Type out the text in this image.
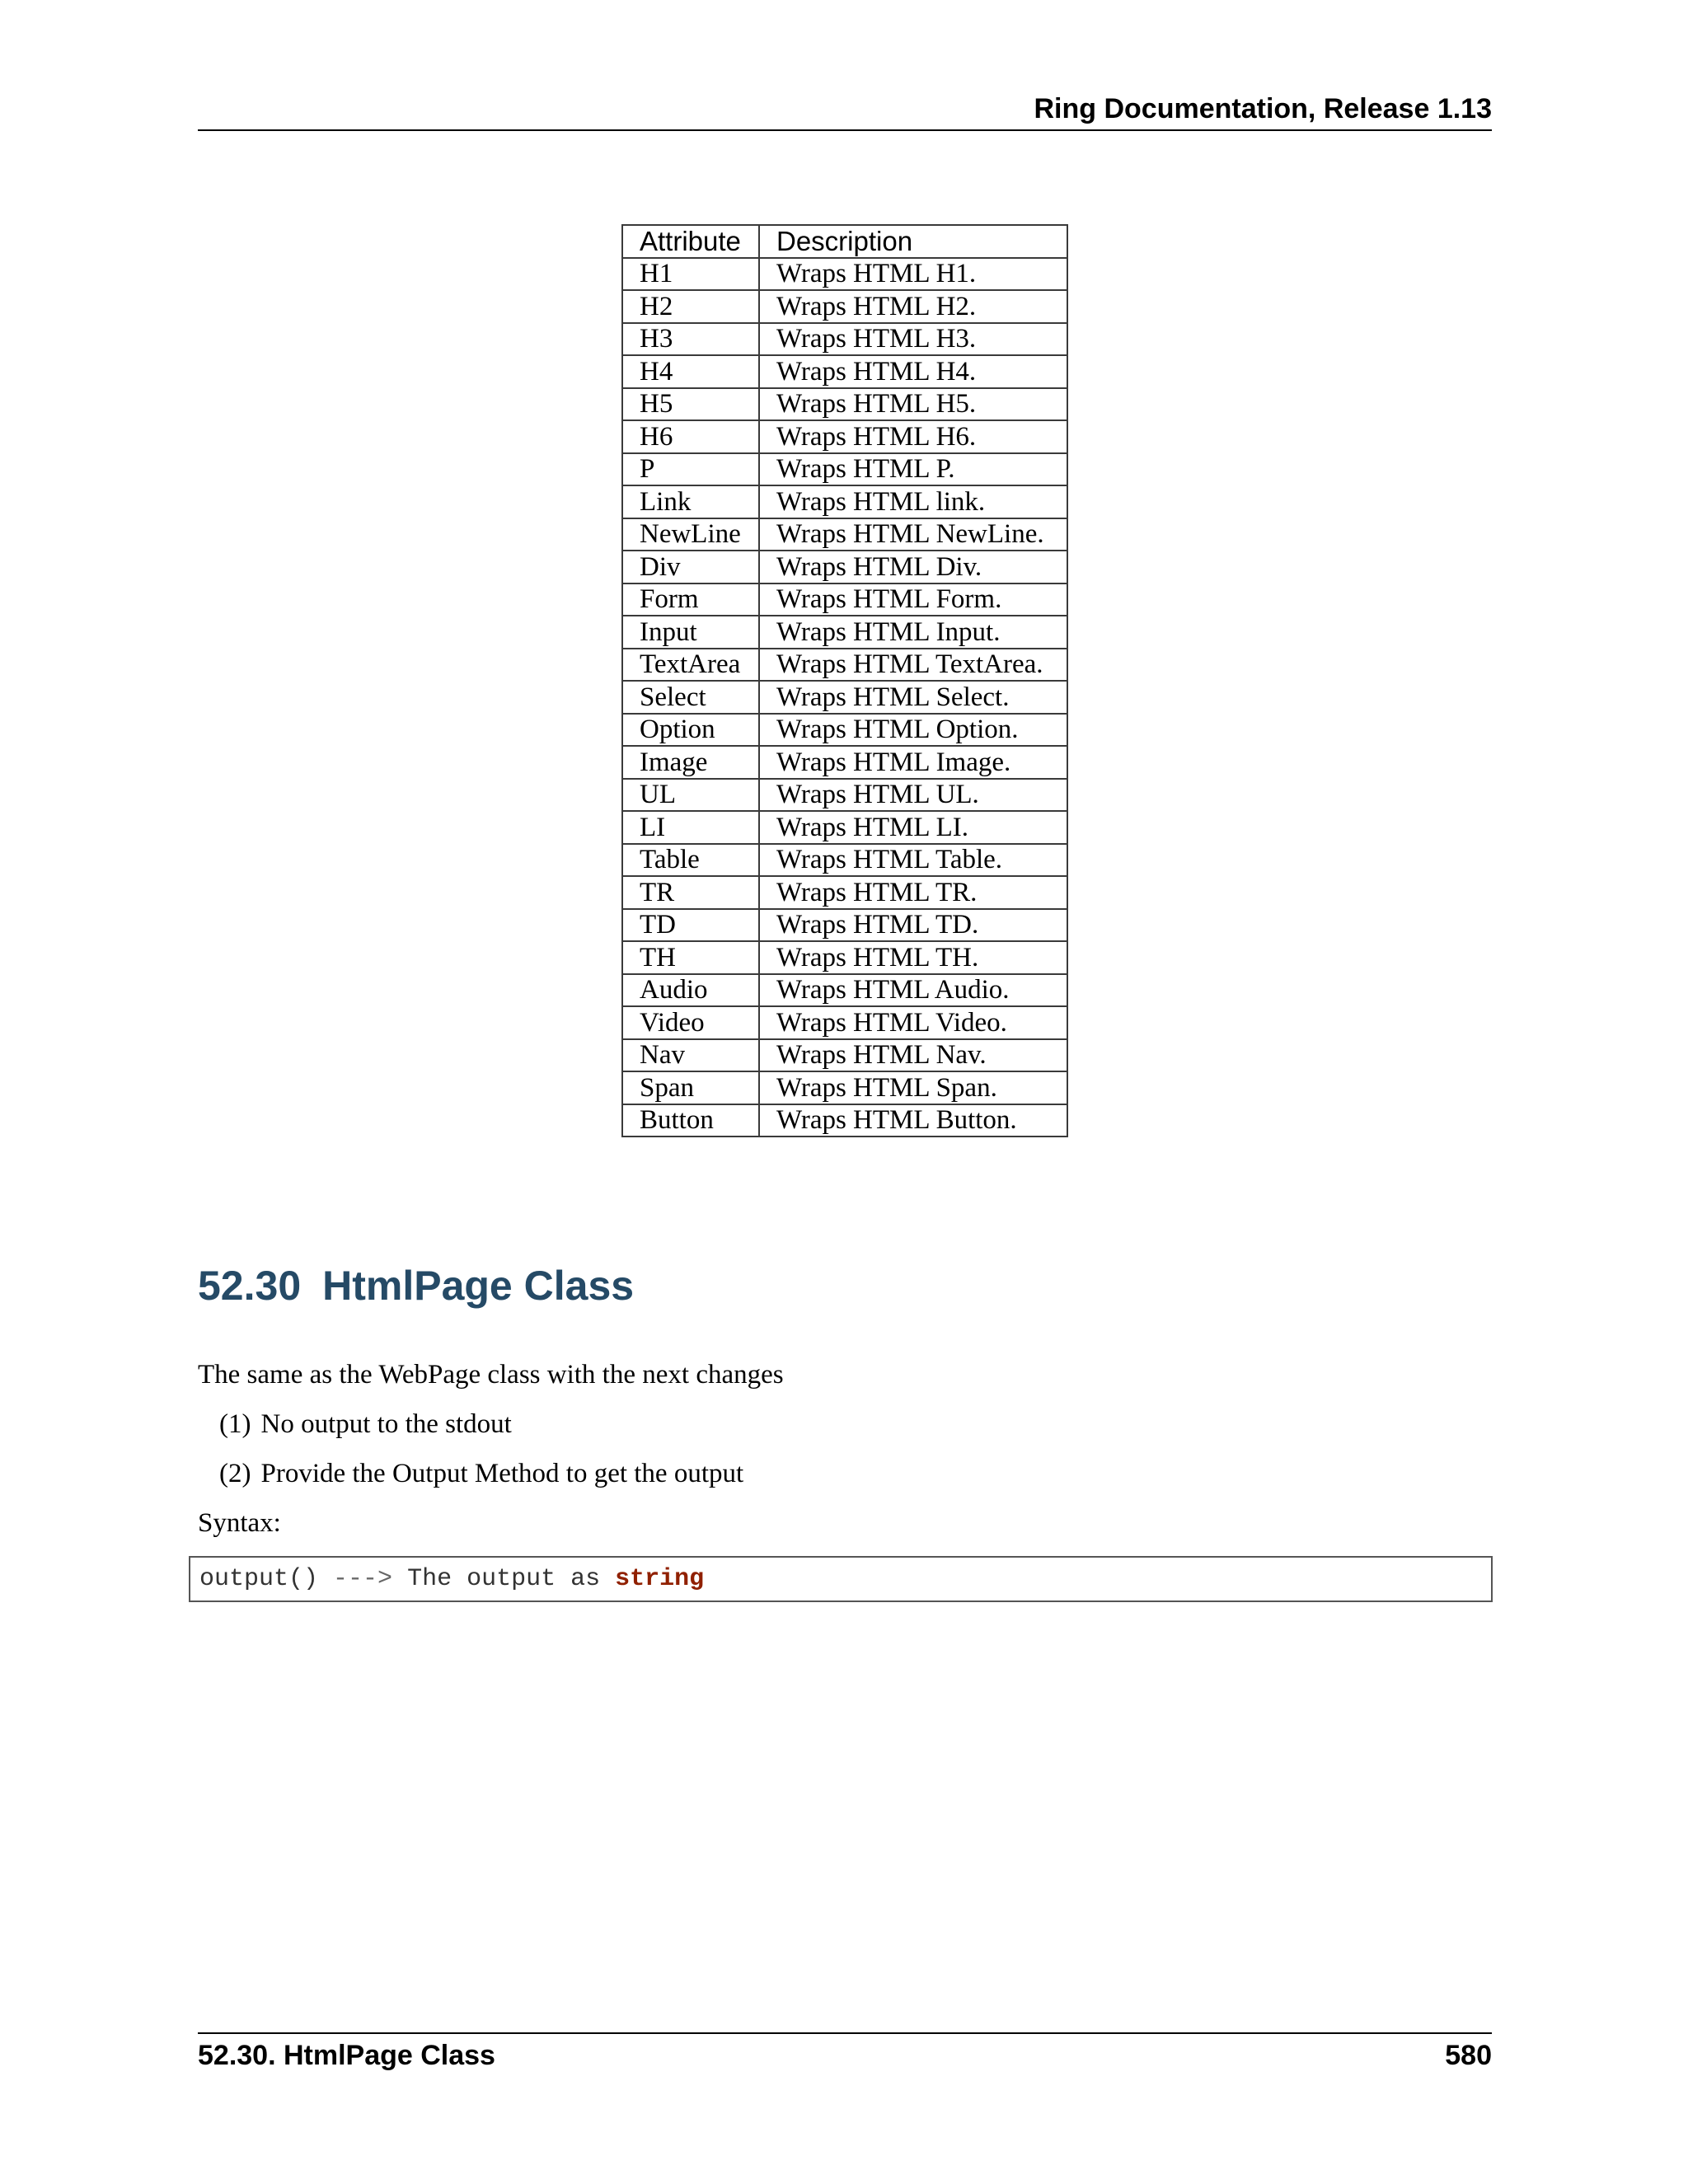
Ring Documentation, Release 1.13
Attribute	Description
H1	Wraps HTML H1.
H2	Wraps HTML H2.
H3	Wraps HTML H3.
H4	Wraps HTML H4.
H5	Wraps HTML H5.
H6	Wraps HTML H6.
P	Wraps HTML P.
Link	Wraps HTML link.
NewLine	Wraps HTML NewLine.
Div	Wraps HTML Div.
Form	Wraps HTML Form.
Input	Wraps HTML Input.
TextArea	Wraps HTML TextArea.
Select	Wraps HTML Select.
Option	Wraps HTML Option.
Image	Wraps HTML Image.
UL	Wraps HTML UL.
LI	Wraps HTML LI.
Table	Wraps HTML Table.
TR	Wraps HTML TR.
TD	Wraps HTML TD.
TH	Wraps HTML TH.
Audio	Wraps HTML Audio.
Video	Wraps HTML Video.
Nav	Wraps HTML Nav.
Span	Wraps HTML Span.
Button	Wraps HTML Button.
52.30 HtmlPage Class

The same as the WebPage class with the next changes

(1) No output to the stdout

(2) Provide the Output Method to get the output

Syntax:

output() ---> The output as string
52.30. HtmlPage Class	580
